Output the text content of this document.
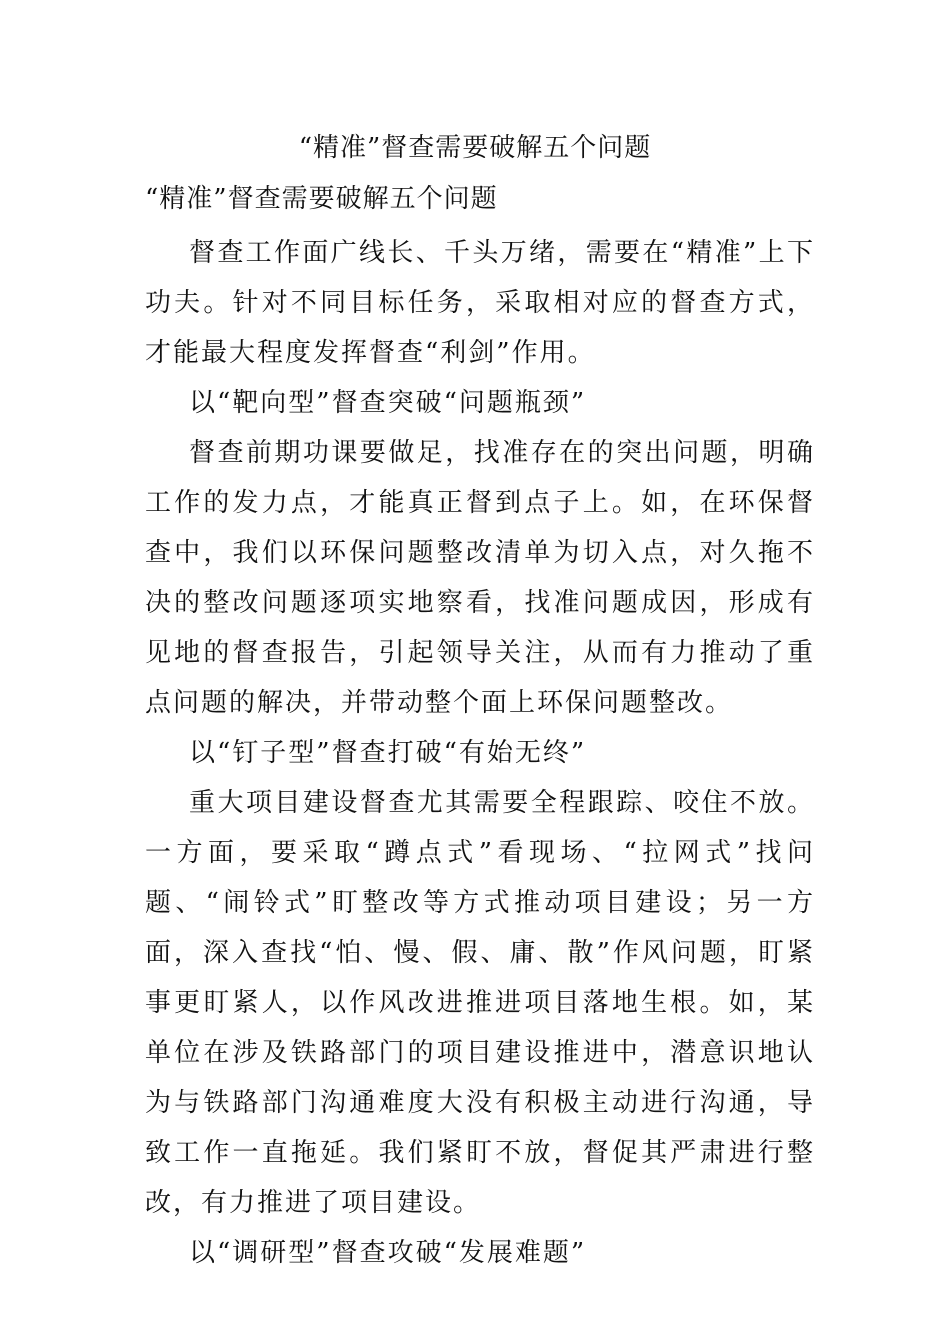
“精准”督查需要破解五个问题

“精准”督查需要破解五个问题

督查工作面广线长、千头万绪，需要在“精准”上下功夫。针对不同目标任务，采取相对应的督查方式，才能最大程度发挥督查“利剑”作用。

以“靶向型”督查突破“问题瓶颈”

督查前期功课要做足，找准存在的突出问题，明确工作的发力点，才能真正督到点子上。如，在环保督查中，我们以环保问题整改清单为切入点，对久拖不决的整改问题逐项实地察看，找准问题成因，形成有见地的督查报告，引起领导关注，从而有力推动了重点问题的解决，并带动整个面上环保问题整改。

以“钉子型”督查打破“有始无终”

重大项目建设督查尤其需要全程跟踪、咬住不放。一方面，要采取“蹲点式”看现场、“拉网式”找问题、“闹铃式”盯整改等方式推动项目建设；另一方面，深入查找“怕、慢、假、庸、散”作风问题，盯紧事更盯紧人，以作风改进推进项目落地生根。如，某单位在涉及铁路部门的项目建设推进中，潜意识地认为与铁路部门沟通难度大没有积极主动进行沟通，导致工作一直拖延。我们紧盯不放，督促其严肃进行整改，有力推进了项目建设。

以“调研型”督查攻破“发展难题”
